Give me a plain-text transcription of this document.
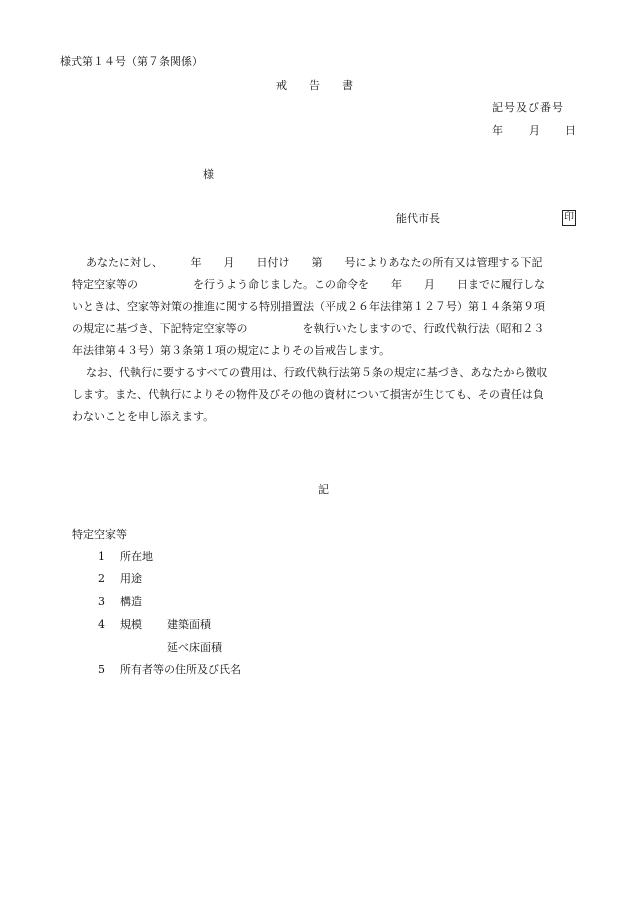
様式第１４号（第７条関係）
戒　　告　　書
記号及び番号
年 月 日
様
能代市長	印
あなたに対し、　　　年　　月　　日付け　　第　　号によりあなたの所有又は管理する下記
特定空家等の　　　　　を行うよう命じました。この命令を　　年　　月　　日までに履行しな
いときは、空家等対策の推進に関する特別措置法（平成２６年法律第１２７号）第１４条第９項
の規定に基づき、下記特定空家等の　　　　　を執行いたしますので、行政代執行法（昭和２３
年法律第４３号）第３条第１項の規定によりその旨戒告します。
なお、代執行に要するすべての費用は、行政代執行法第５条の規定に基づき、あなたから徴収
します。また、代執行によりその物件及びその他の資材について損害が生じても、その責任は負
わないことを申し添えます。
記
特定空家等
1 所在地
2 用途
3 構造
4 規模 建築面積
延べ床面積
5 所有者等の住所及び氏名
